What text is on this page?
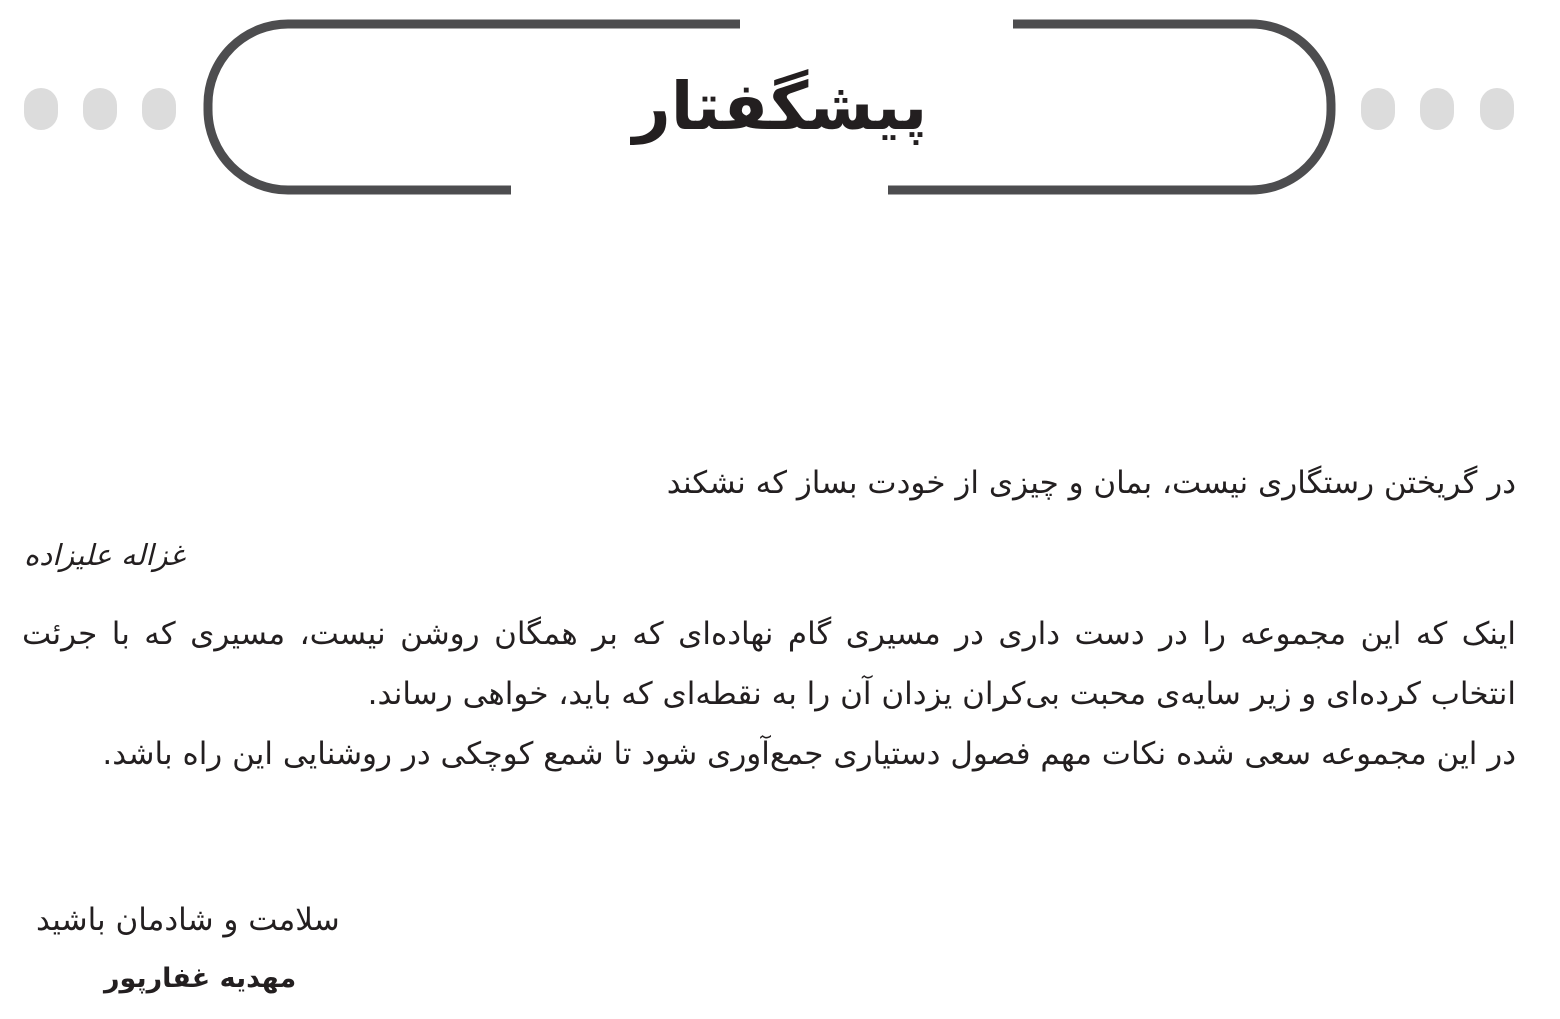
پیشگفتار

در گریختن رستگاری نیست، بمان و چیزی از خودت بساز که نشکند

غزاله علیزاده

اینک که این مجموعه را در دست داری در مسیری گام نهاده‌ای که بر همگان روشن نیست، مسیری که با جرئت انتخاب کرده‌ای و زیر سایه‌ی محبت بی‌کران یزدان آن را به نقطه‌ای که باید، خواهی رساند.

در این مجموعه سعی شده نکات مهم فصول دستیاری جمع‌آوری شود تا شمع کوچکی در روشنایی این راه باشد.

سلامت و شادمان باشید

مهدیه غفارپور
